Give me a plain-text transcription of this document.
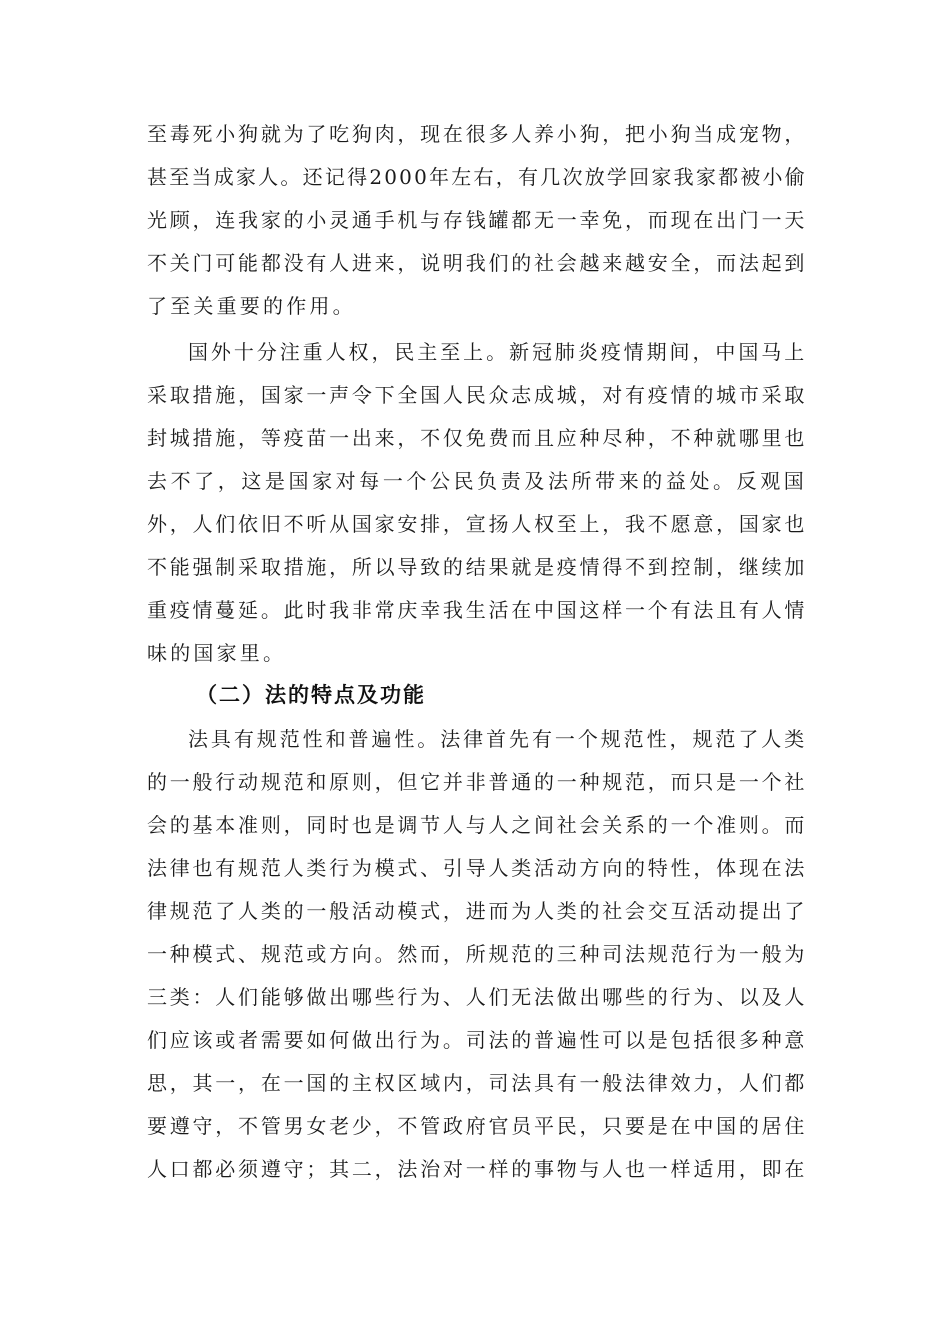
至毒死小狗就为了吃狗肉，现在很多人养小狗，把小狗当成宠物，
甚至当成家人。还记得2000年左右，有几次放学回家我家都被小偷
光顾，连我家的小灵通手机与存钱罐都无一幸免，而现在出门一天
不关门可能都没有人进来，说明我们的社会越来越安全，而法起到
了至关重要的作用。
国外十分注重人权，民主至上。新冠肺炎疫情期间，中国马上
采取措施，国家一声令下全国人民众志成城，对有疫情的城市采取
封城措施，等疫苗一出来，不仅免费而且应种尽种，不种就哪里也
去不了，这是国家对每一个公民负责及法所带来的益处。反观国
外，人们依旧不听从国家安排，宣扬人权至上，我不愿意，国家也
不能强制采取措施，所以导致的结果就是疫情得不到控制，继续加
重疫情蔓延。此时我非常庆幸我生活在中国这样一个有法且有人情
味的国家里。
（二）法的特点及功能
法具有规范性和普遍性。法律首先有一个规范性，规范了人类
的一般行动规范和原则，但它并非普通的一种规范，而只是一个社
会的基本准则，同时也是调节人与人之间社会关系的一个准则。而
法律也有规范人类行为模式、引导人类活动方向的特性，体现在法
律规范了人类的一般活动模式，进而为人类的社会交互活动提出了
一种模式、规范或方向。然而，所规范的三种司法规范行为一般为
三类：人们能够做出哪些行为、人们无法做出哪些的行为、以及人
们应该或者需要如何做出行为。司法的普遍性可以是包括很多种意
思，其一，在一国的主权区域内，司法具有一般法律效力，人们都
要遵守，不管男女老少，不管政府官员平民，只要是在中国的居住
人口都必须遵守；其二，法治对一样的事物与人也一样适用，即在
